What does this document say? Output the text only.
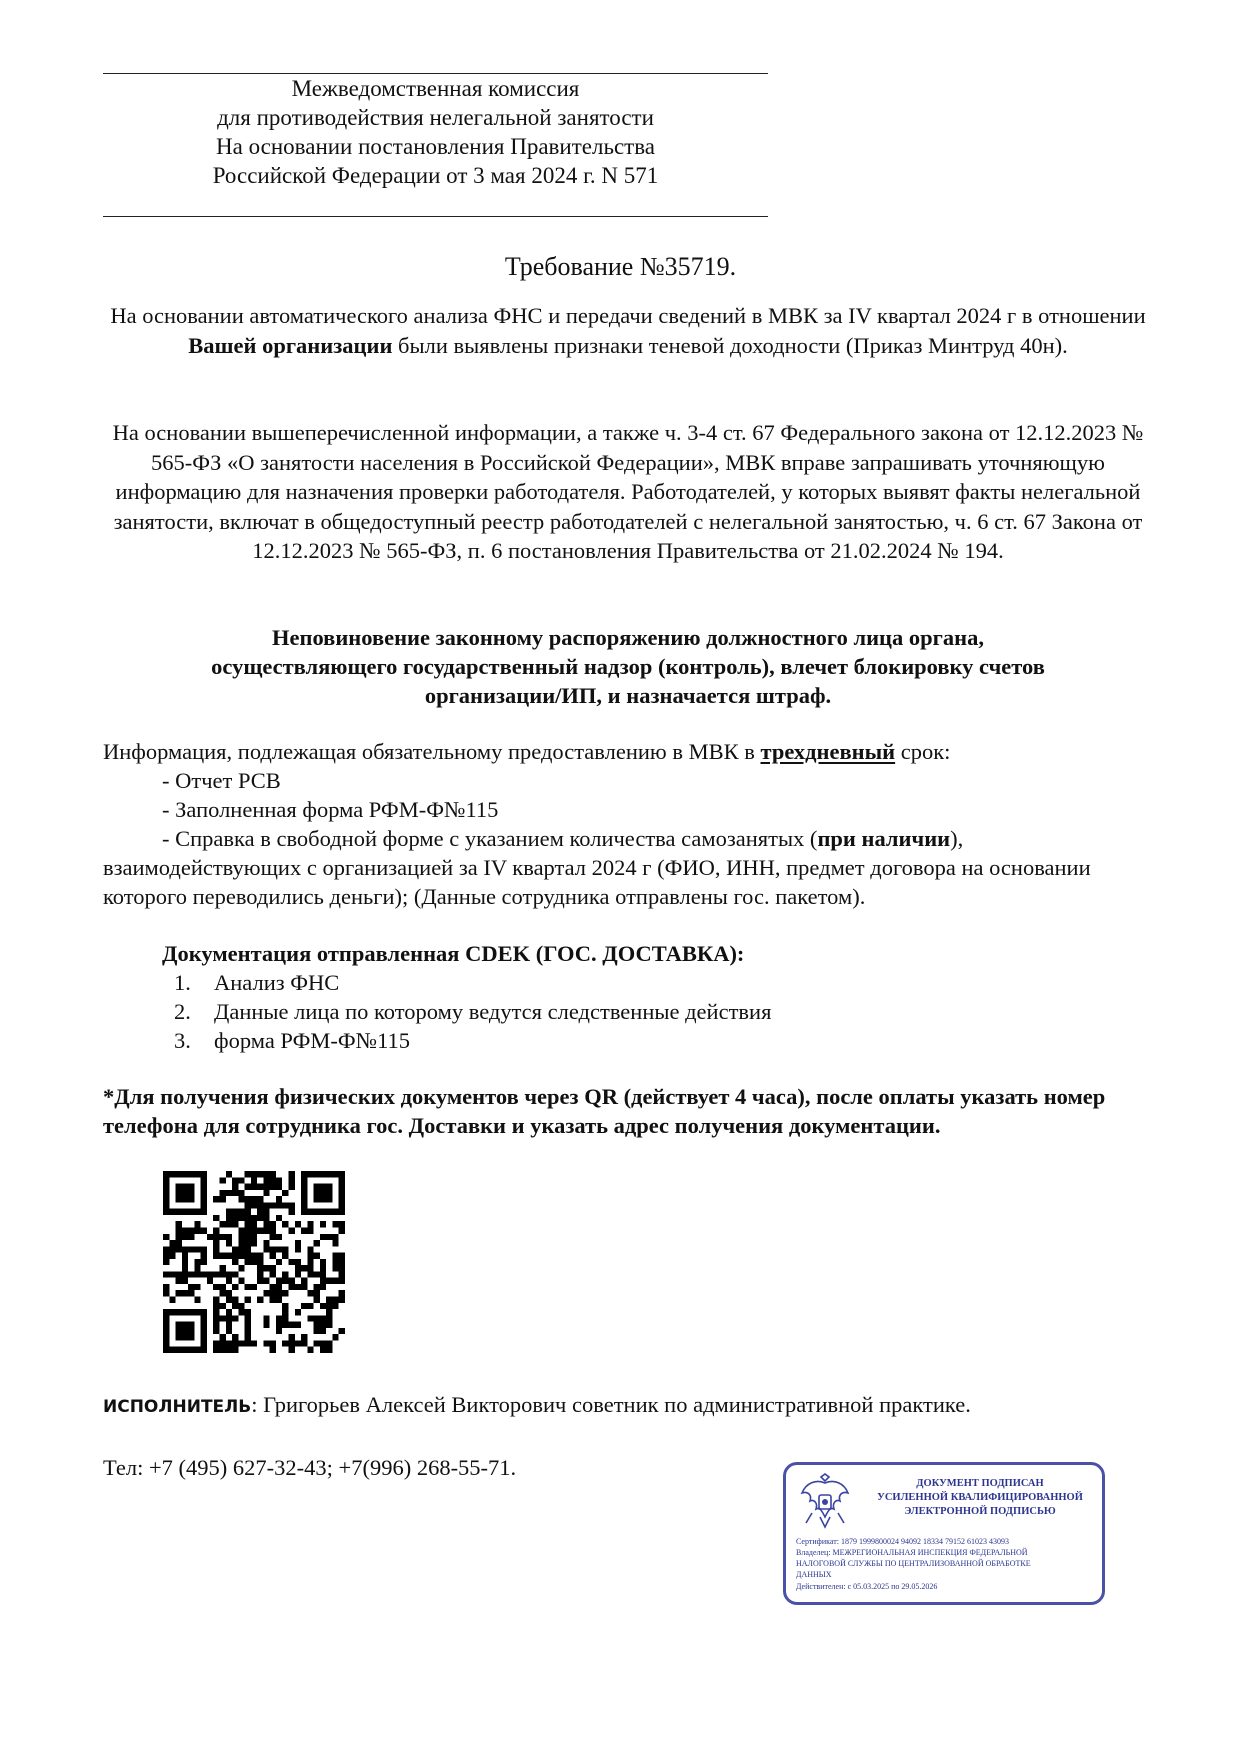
Межведомственная комиссия
для противодействия нелегальной занятости
На основании постановления Правительства
Российской Федерации от 3 мая 2024 г. N 571
Требование №35719.
На основании автоматического анализа ФНС и передачи сведений в МВК за IV квартал 2024 г в отношении Вашей организации были выявлены признаки теневой доходности (Приказ Минтруд 40н).
На основании вышеперечисленной информации, а также ч. 3-4 ст. 67 Федерального закона от 12.12.2023 № 565-ФЗ «О занятости населения в Российской Федерации», МВК вправе запрашивать уточняющую информацию для назначения проверки работодателя. Работодателей, у которых выявят факты нелегальной занятости, включат в общедоступный реестр работодателей с нелегальной занятостью, ч. 6 ст. 67 Закона от 12.12.2023 № 565-ФЗ, п. 6 постановления Правительства от 21.02.2024 № 194.
Неповиновение законному распоряжению должностного лица органа,
осуществляющего государственный надзор (контроль), влечет блокировку счетов
организации/ИП, и назначается штраф.
Информация, подлежащая обязательному предоставлению в МВК в трехдневный срок:
- Отчет РСВ
- Заполненная форма РФМ-Ф№115
- Справка в свободной форме с указанием количества самозанятых (при наличии),
взаимодействующих с организацией за IV квартал 2024 г (ФИО, ИНН, предмет договора на основании которого переводились деньги); (Данные сотрудника отправлены гос. пакетом).
Документация отправленная CDEK (ГОС. ДОСТАВКА):
1. Анализ ФНС
2. Данные лица по которому ведутся следственные действия
3. форма РФМ-Ф№115
*Для получения физических документов через QR (действует 4 часа), после оплаты указать номер телефона для сотрудника гос. Доставки и указать адрес получения документации.
ИСПОЛНИТЕЛЬ: Григорьев Алексей Викторович советник по административной практике.
Тел: +7 (495) 627-32-43; +7(996) 268-55-71.
ДОКУМЕНТ ПОДПИСАН
УСИЛЕННОЙ КВАЛИФИЦИРОВАННОЙ
ЭЛЕКТРОННОЙ ПОДПИСЬЮ
Сертификат: 1879 1999800024 94092 18334 79152 61023 43093
Владелец: МЕЖРЕГИОНАЛЬНАЯ ИНСПЕКЦИЯ ФЕДЕРАЛЬНОЙ
НАЛОГОВОЙ СЛУЖБЫ ПО ЦЕНТРАЛИЗОВАННОЙ ОБРАБОТКЕ
ДАННЫХ
Действителен: с 05.03.2025 по 29.05.2026
